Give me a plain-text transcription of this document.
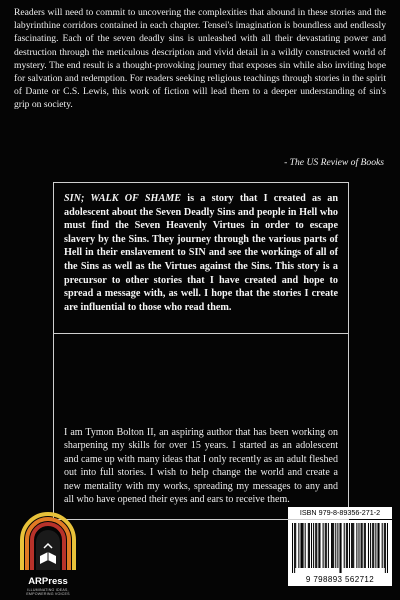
Readers will need to commit to uncovering the complexities that abound in these stories and the labyrinthine corridors contained in each chapter. Tensei's imagination is boundless and endlessly fascinating. Each of the seven deadly sins is unleashed with all their devastating power and destruction through the meticulous description and vivid detail in a wildly constructed world of mystery. The end result is a thought-provoking journey that exposes sin while also inviting hope for salvation and redemption. For readers seeking religious teachings through stories in the spirit of Dante or C.S. Lewis, this work of fiction will lead them to a deeper understanding of sin's grip on society.

- The US Review of Books

SIN; WALK OF SHAME is a story that I created as an adolescent about the Seven Deadly Sins and people in Hell who must find the Seven Heavenly Virtues in order to escape slavery by the Sins. They journey through the various parts of Hell in their enslavement to SIN and see the workings of all of the Sins as well as the Virtues against the Sins. This story is a precursor to other stories that I have created and hope to spread a message with, as well. I hope that the stories I create are influential to those who read them.

I am Tymon Bolton II, an aspiring author that has been working on sharpening my skills for over 15 years. I started as an adolescent and came up with many ideas that I only recently as an adult fleshed out into full stories. I wish to help change the world and create a new mentality with my works, spreading my messages to any and all who have opened their eyes and ears to receive them.

ARPress
ILLUMINATING IDEAS, EMPOWERING VOICES
ISBN 979-8-89356-271-2
9 798893 562712
